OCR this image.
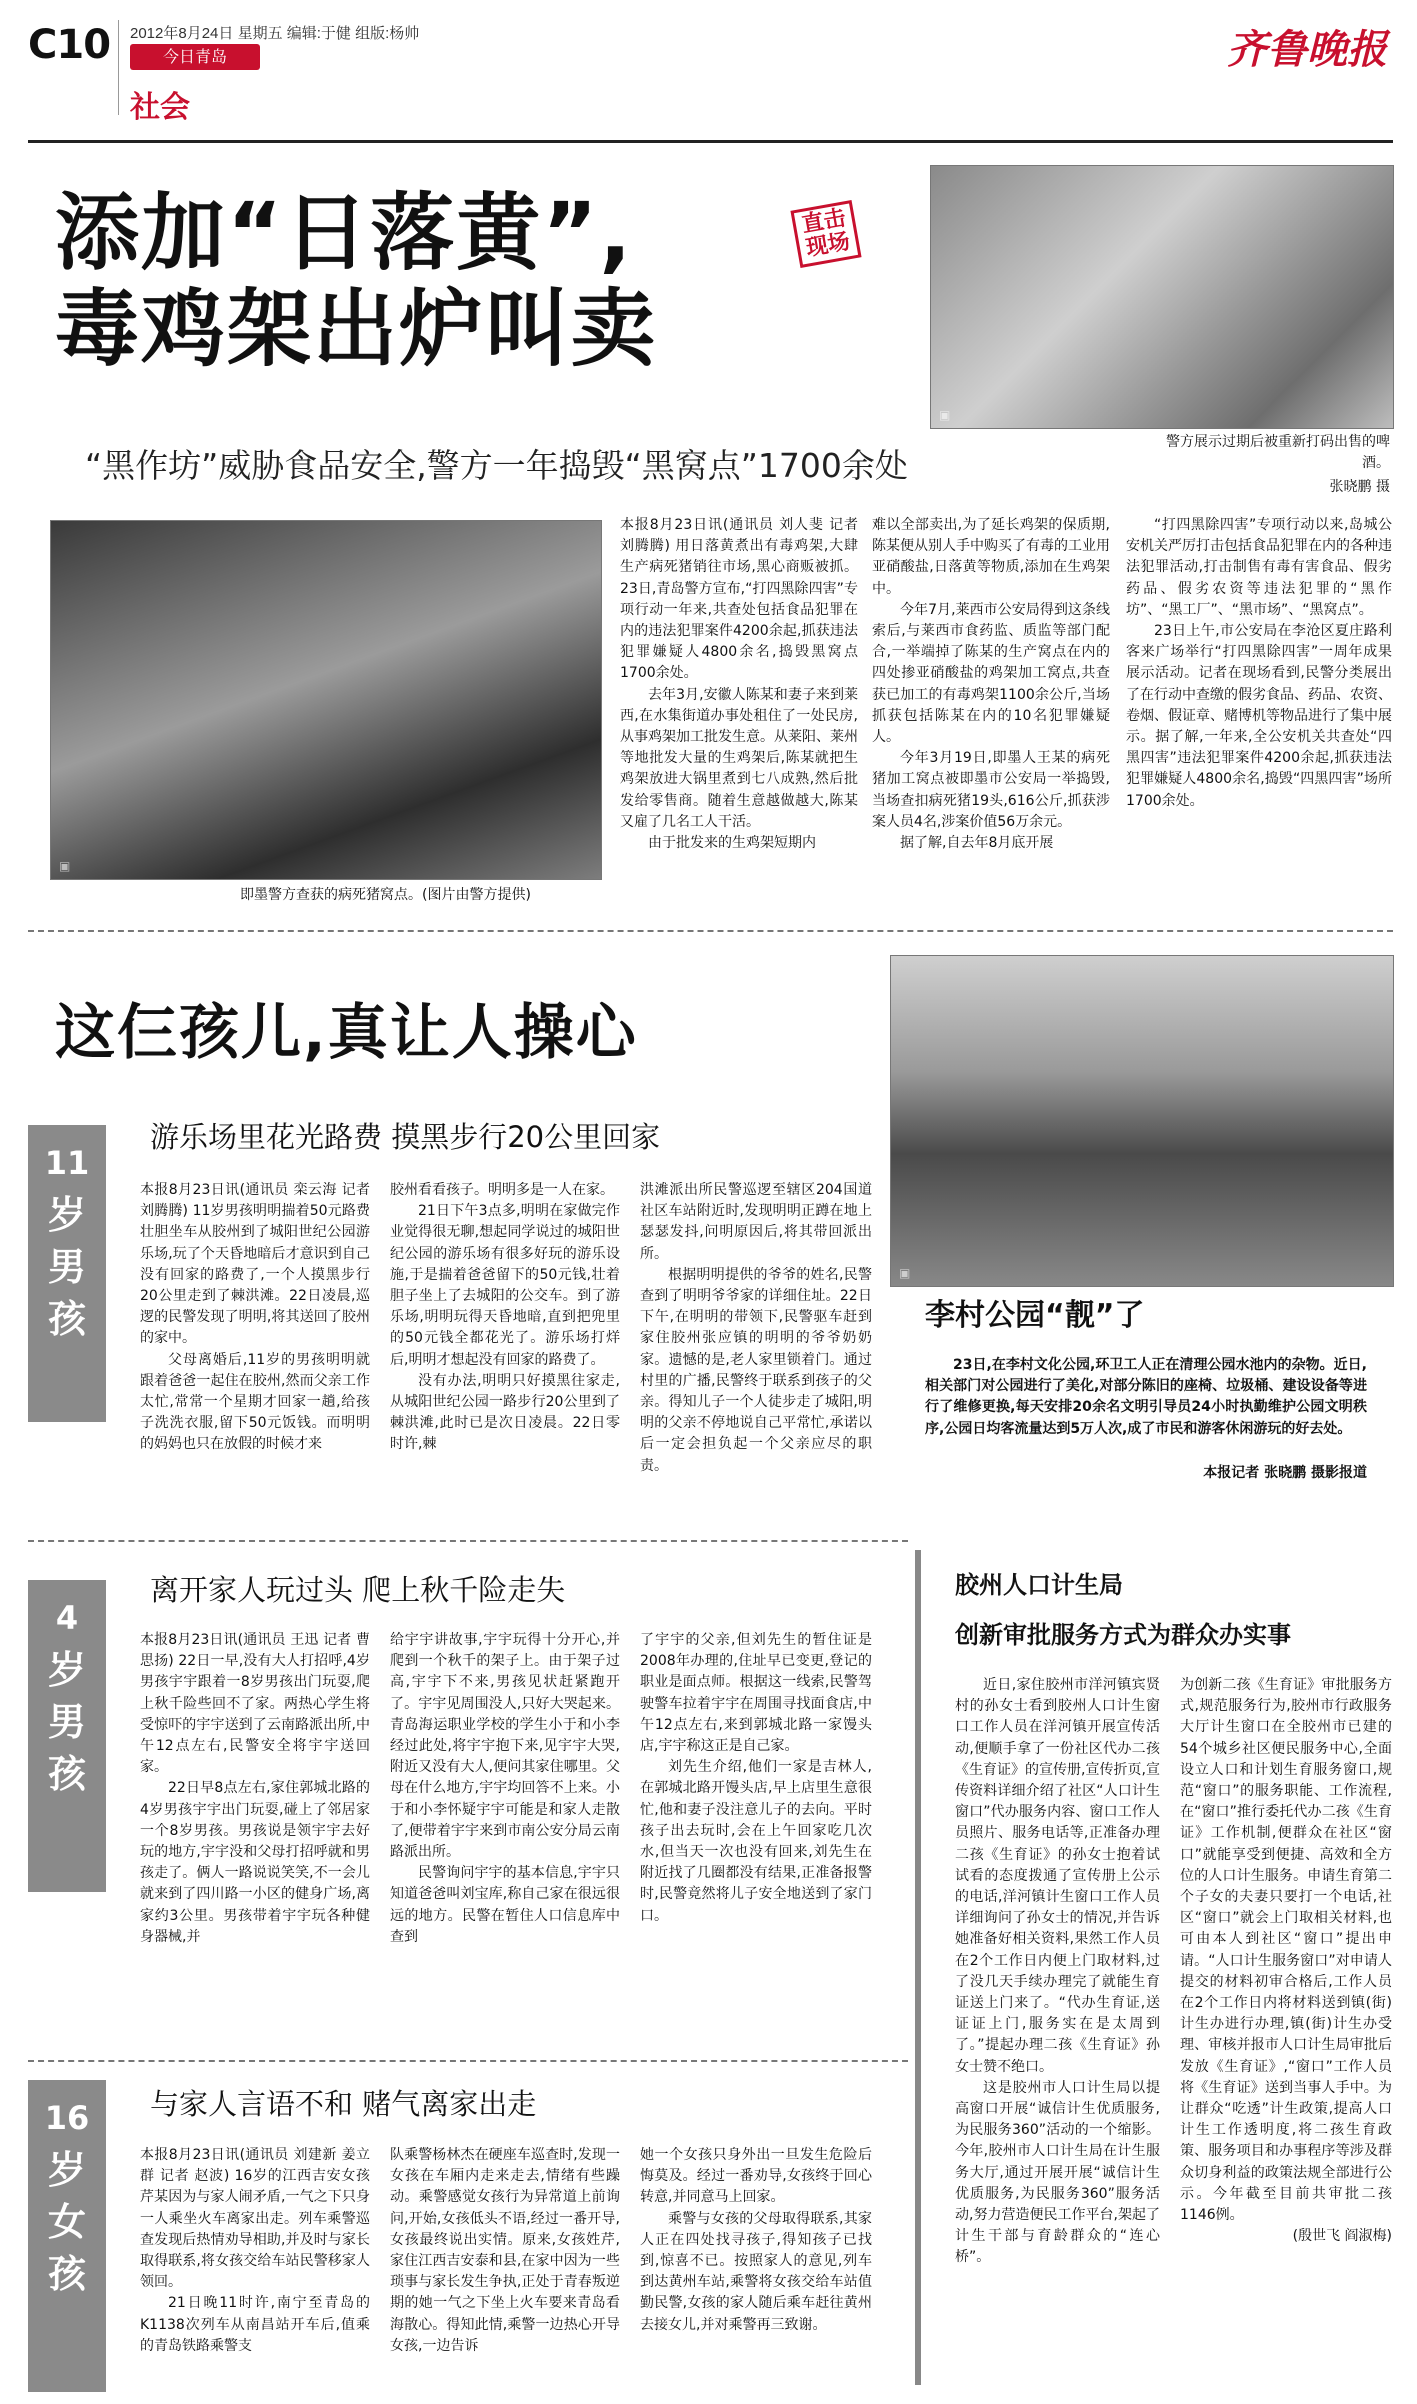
C10 2012年8月24日 星期五 编辑:于健 组版:杨帅
今日青岛
社会
齐鲁晚报
添加“日落黄”,
毒鸡架出炉叫卖
直击
现场
“黑作坊”威胁食品安全,警方一年捣毁“黑窝点”1700余处
▣
警方展示过期后被重新打码出售的啤酒。
张晓鹏 摄
▣
即墨警方查获的病死猪窝点。(图片由警方提供)

本报8月23日讯(通讯员 刘人斐 记者 刘腾腾) 用日落黄煮出有毒鸡架,大肆生产病死猪销往市场,黑心商贩被抓。23日,青岛警方宣布,“打四黑除四害”专项行动一年来,共查处包括食品犯罪在内的违法犯罪案件4200余起,抓获违法犯罪嫌疑人4800余名,捣毁黑窝点1700余处。

去年3月,安徽人陈某和妻子来到莱西,在水集街道办事处租住了一处民房,从事鸡架加工批发生意。从莱阳、莱州等地批发大量的生鸡架后,陈某就把生鸡架放进大锅里煮到七八成熟,然后批发给零售商。随着生意越做越大,陈某又雇了几名工人干活。

由于批发来的生鸡架短期内

难以全部卖出,为了延长鸡架的保质期,陈某便从别人手中购买了有毒的工业用亚硝酸盐,日落黄等物质,添加在生鸡架中。

今年7月,莱西市公安局得到这条线索后,与莱西市食药监、质监等部门配合,一举端掉了陈某的生产窝点在内的四处掺亚硝酸盐的鸡架加工窝点,共查获已加工的有毒鸡架1100余公斤,当场抓获包括陈某在内的10名犯罪嫌疑人。

今年3月19日,即墨人王某的病死猪加工窝点被即墨市公安局一举捣毁,当场查扣病死猪19头,616公斤,抓获涉案人员4名,涉案价值56万余元。

据了解,自去年8月底开展

“打四黑除四害”专项行动以来,岛城公安机关严厉打击包括食品犯罪在内的各种违法犯罪活动,打击制售有毒有害食品、假劣药品、假劣农资等违法犯罪的“黑作坊”、“黑工厂”、“黑市场”、“黑窝点”。

23日上午,市公安局在李沧区夏庄路利客来广场举行“打四黑除四害”一周年成果展示活动。记者在现场看到,民警分类展出了在行动中查缴的假劣食品、药品、农资、卷烟、假证章、赌博机等物品进行了集中展示。据了解,一年来,全公安机关共查处“四黑四害”违法犯罪案件4200余起,抓获违法犯罪嫌疑人4800余名,捣毁“四黑四害”场所1700余处。

这仨孩儿,真让人操心
▣
李村公园“靓”了

23日,在李村文化公园,环卫工人正在清理公园水池内的杂物。近日,相关部门对公园进行了美化,对部分陈旧的座椅、垃圾桶、建设设备等进行了维修更换,每天安排20余名文明引导员24小时执勤维护公园文明秩序,公园日均客流量达到5万人次,成了市民和游客休闲游玩的好去处。

本报记者 张晓鹏 摄影报道
11
岁
男
孩
游乐场里花光路费 摸黑步行20公里回家

本报8月23日讯(通讯员 栾云海 记者 刘腾腾) 11岁男孩明明揣着50元路费壮胆坐车从胶州到了城阳世纪公园游乐场,玩了个天昏地暗后才意识到自己没有回家的路费了,一个人摸黑步行20公里走到了棘洪滩。22日凌晨,巡逻的民警发现了明明,将其送回了胶州的家中。

父母离婚后,11岁的男孩明明就跟着爸爸一起住在胶州,然而父亲工作太忙,常常一个星期才回家一趟,给孩子洗洗衣服,留下50元饭钱。而明明的妈妈也只在放假的时候才来

胶州看看孩子。明明多是一人在家。

21日下午3点多,明明在家做完作业觉得很无聊,想起同学说过的城阳世纪公园的游乐场有很多好玩的游乐设施,于是揣着爸爸留下的50元钱,壮着胆子坐上了去城阳的公交车。到了游乐场,明明玩得天昏地暗,直到把兜里的50元钱全都花光了。游乐场打烊后,明明才想起没有回家的路费了。

没有办法,明明只好摸黑往家走,从城阳世纪公园一路步行20公里到了棘洪滩,此时已是次日凌晨。22日零时许,棘

洪滩派出所民警巡逻至辖区204国道社区车站附近时,发现明明正蹲在地上瑟瑟发抖,问明原因后,将其带回派出所。

根据明明提供的爷爷的姓名,民警查到了明明爷爷家的详细住址。22日下午,在明明的带领下,民警驱车赶到家住胶州张应镇的明明的爷爷奶奶家。遗憾的是,老人家里锁着门。通过村里的广播,民警终于联系到孩子的父亲。得知儿子一个人徒步走了城阳,明明的父亲不停地说自己平常忙,承诺以后一定会担负起一个父亲应尽的职责。

4
岁
男
孩
离开家人玩过头 爬上秋千险走失

本报8月23日讯(通讯员 王迅 记者 曹思扬) 22日一早,没有大人打招呼,4岁男孩宇宇跟着一8岁男孩出门玩耍,爬上秋千险些回不了家。两热心学生将受惊吓的宇宇送到了云南路派出所,中午12点左右,民警安全将宇宇送回家。

22日早8点左右,家住郭城北路的4岁男孩宇宇出门玩耍,碰上了邻居家一个8岁男孩。男孩说是领宇宇去好玩的地方,宇宇没和父母打招呼就和男孩走了。俩人一路说说笑笑,不一会儿就来到了四川路一小区的健身广场,离家约3公里。男孩带着宇宇玩各种健身器械,并

给宇宇讲故事,宇宇玩得十分开心,并爬到一个秋千的架子上。由于架子过高,宇宇下不来,男孩见状赶紧跑开了。宇宇见周围没人,只好大哭起来。青岛海运职业学校的学生小于和小李经过此处,将宇宇抱下来,见宇宇大哭,附近又没有大人,便问其家住哪里。父母在什么地方,宇宇均回答不上来。小于和小李怀疑宇宇可能是和家人走散了,便带着宇宇来到市南公安分局云南路派出所。

民警询问宇宇的基本信息,宇宇只知道爸爸叫刘宝库,称自己家在很远很远的地方。民警在暂住人口信息库中查到

了宇宇的父亲,但刘先生的暂住证是2008年办理的,住址早已变更,登记的职业是面点师。根据这一线索,民警驾驶警车拉着宇宇在周围寻找面食店,中午12点左右,来到郭城北路一家馒头店,宇宇称这正是自己家。

刘先生介绍,他们一家是吉林人,在郭城北路开馒头店,早上店里生意很忙,他和妻子没注意儿子的去向。平时孩子出去玩时,会在上午回家吃几次水,但当天一次也没有回来,刘先生在附近找了几圈都没有结果,正准备报警时,民警竟然将儿子安全地送到了家门口。

16
岁
女
孩
与家人言语不和 赌气离家出走

本报8月23日讯(通讯员 刘建新 姜立群 记者 赵波) 16岁的江西吉安女孩芹某因为与家人闹矛盾,一气之下只身一人乘坐火车离家出走。列车乘警巡查发现后热情劝导相助,并及时与家长取得联系,将女孩交给车站民警移家人领回。

21日晚11时许,南宁至青岛的K1138次列车从南昌站开车后,值乘的青岛铁路乘警支

队乘警杨林杰在硬座车巡查时,发现一女孩在车厢内走来走去,情绪有些躁动。乘警感觉女孩行为异常道上前询问,开始,女孩低头不语,经过一番开导,女孩最终说出实情。原来,女孩姓芹,家住江西吉安泰和县,在家中因为一些琐事与家长发生争执,正处于青春叛逆期的她一气之下坐上火车要来青岛看海散心。得知此情,乘警一边热心开导女孩,一边告诉

她一个女孩只身外出一旦发生危险后悔莫及。经过一番劝导,女孩终于回心转意,并同意马上回家。

乘警与女孩的父母取得联系,其家人正在四处找寻孩子,得知孩子已找到,惊喜不已。按照家人的意见,列车到达黄州车站,乘警将女孩交给车站值勤民警,女孩的家人随后乘车赶往黄州去接女儿,并对乘警再三致谢。

胶州人口计生局
创新审批服务方式为群众办实事

近日,家住胶州市洋河镇宾贤村的孙女士看到胶州人口计生窗口工作人员在洋河镇开展宣传活动,便顺手拿了一份社区代办二孩《生育证》的宣传册,宣传折页,宣传资料详细介绍了社区“人口计生窗口”代办服务内容、窗口工作人员照片、服务电话等,正准备办理二孩《生育证》的孙女士抱着试试看的态度拨通了宣传册上公示的电话,洋河镇计生窗口工作人员详细询问了孙女士的情况,并告诉她准备好相关资料,果然工作人员在2个工作日内便上门取材料,过了没几天手续办理完了就能生育证送上门来了。“代办生育证,送证证上门,服务实在是太周到了。”提起办理二孩《生育证》孙女士赞不绝口。

这是胶州市人口计生局以提高窗口开展“诚信计生优质服务,为民服务360”活动的一个缩影。今年,胶州市人口计生局在计生服务大厅,通过开展开展“诚信计生优质服务,为民服务360”服务活动,努力营造便民工作平台,架起了计生干部与育龄群众的“连心桥”。

为创新二孩《生育证》审批服务方式,规范服务行为,胶州市行政服务大厅计生窗口在全胶州市已建的54个城乡社区便民服务中心,全面设立人口和计划生育服务窗口,规范“窗口”的服务职能、工作流程,在“窗口”推行委托代办二孩《生育证》工作机制,便群众在社区“窗口”就能享受到便捷、高效和全方位的人口计生服务。申请生育第二个子女的夫妻只要打一个电话,社区“窗口”就会上门取相关材料,也可由本人到社区“窗口”提出申请。“人口计生服务窗口”对申请人提交的材料初审合格后,工作人员在2个工作日内将材料送到镇(街)计生办进行办理,镇(街)计生办受理、审核并报市人口计生局审批后发放《生育证》,“窗口”工作人员将《生育证》送到当事人手中。为让群众“吃透”计生政策,提高人口计生工作透明度,将二孩生育政策、服务项目和办事程序等涉及群众切身利益的政策法规全部进行公示。今年截至目前共审批二孩1146例。

(殷世飞 阎淑梅)
